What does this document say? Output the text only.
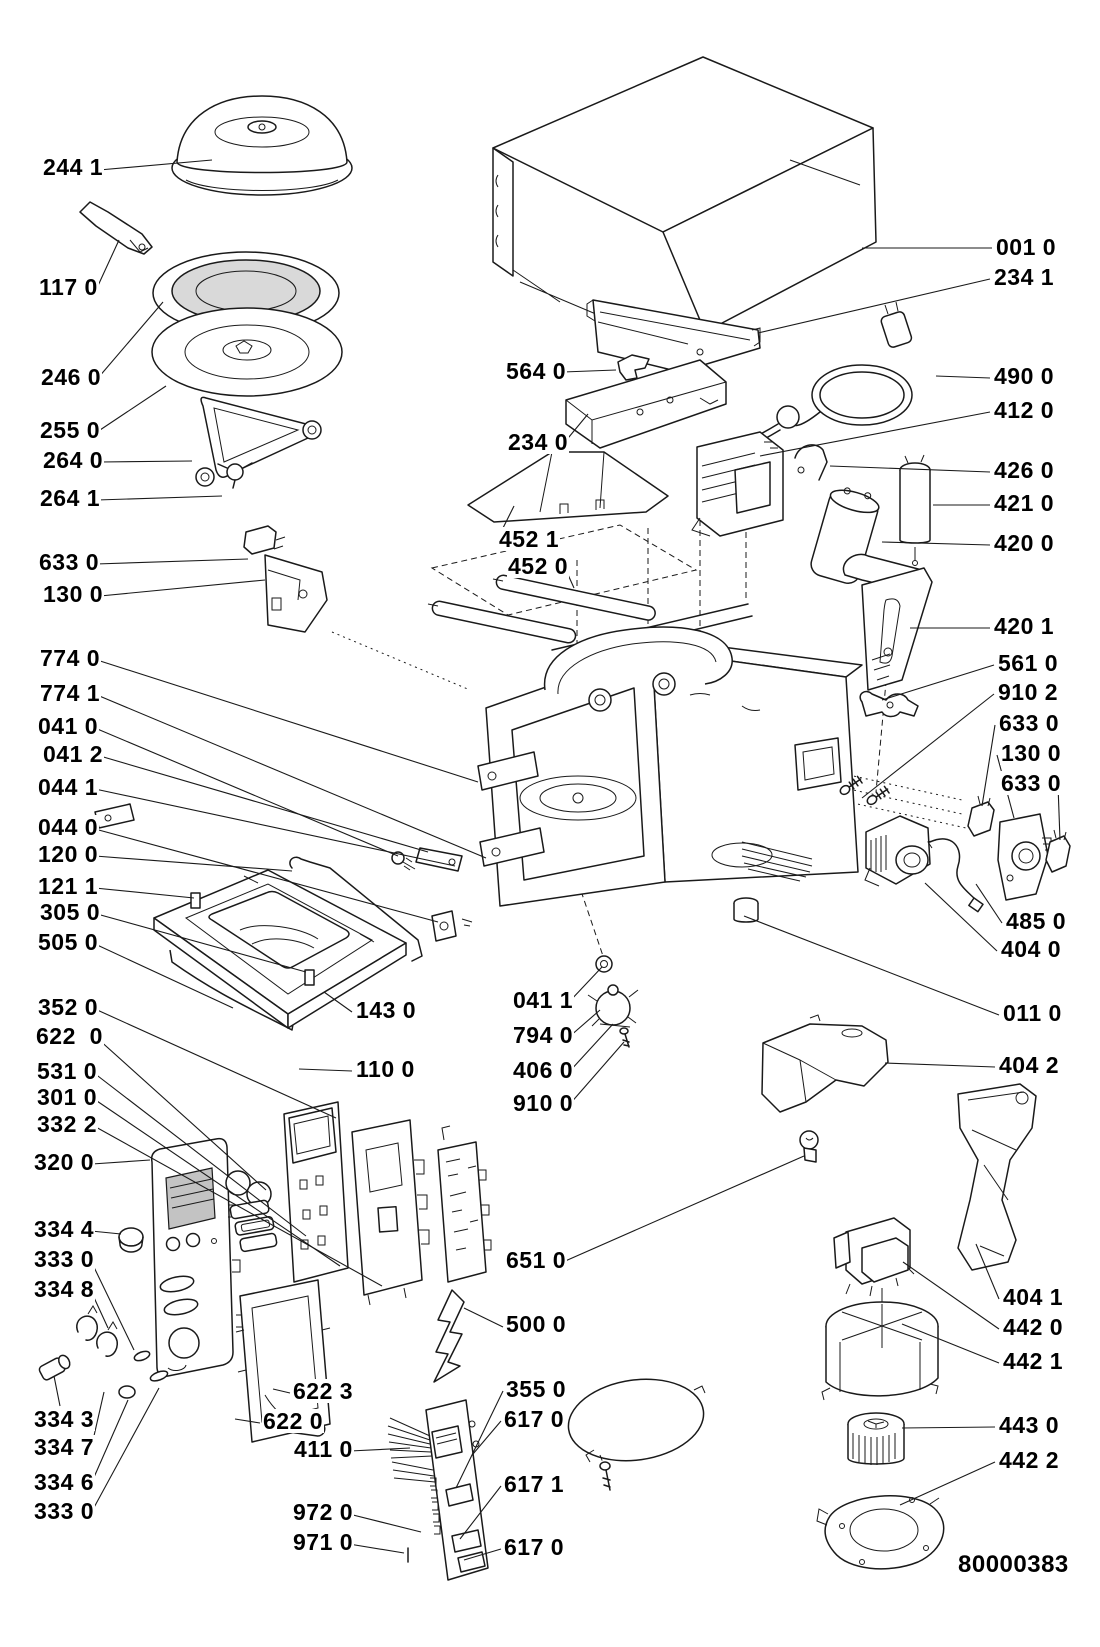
244 1
117 0
246 0
255 0
264 0
264 1
633 0
130 0
774 0
774 1
041 0
041 2
044 1
044 0
120 0
121 1
305 0
505 0
352 0
622  0
531 0
301 0
332 2
320 0
334 4
333 0
334 8
334 3
334 7
334 6
333 0
564 0
234 0
452 1
452 0
143 0
110 0
041 1
794 0
406 0
910 0
651 0
500 0
355 0
617 0
617 1
617 0
622 3
622 0
411 0
972 0
971 0
001 0
234 1
490 0
412 0
426 0
421 0
420 0
420 1
561 0
910 2
633 0
130 0
633 0
485 0
404 0
011 0
404 2
404 1
442 0
442 1
443 0
442 2
80000383
